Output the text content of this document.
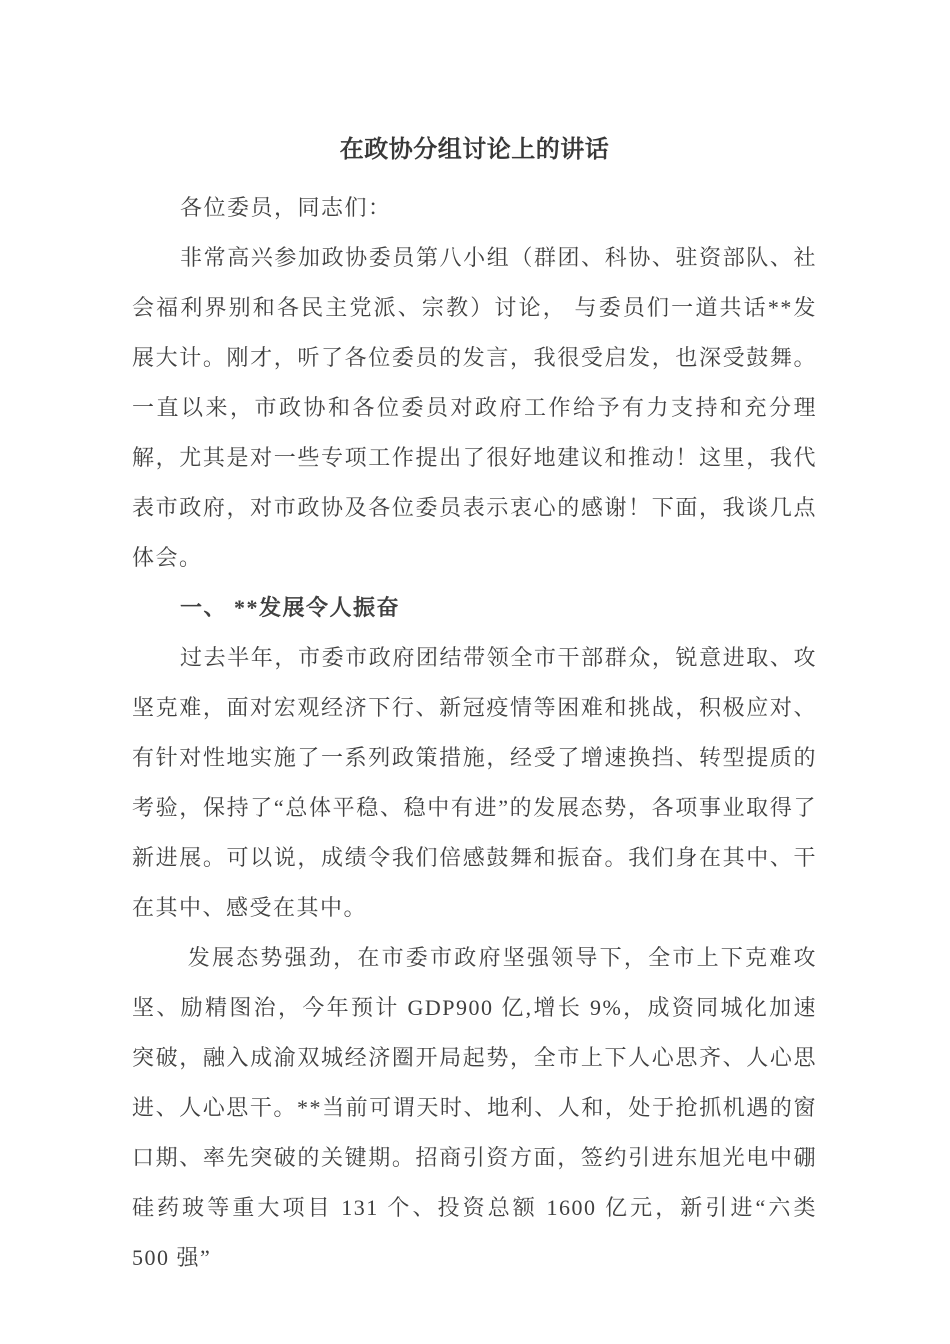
在政协分组讨论上的讲话

各位委员，同志们：

非常高兴参加政协委员第八小组（群团、科协、驻资部队、社会福利界别和各民主党派、宗教）讨论， 与委员们一道共话**发展大计。刚才，听了各位委员的发言，我很受启发，也深受鼓舞。一直以来，市政协和各位委员对政府工作给予有力支持和充分理解，尤其是对一些专项工作提出了很好地建议和推动！这里，我代表市政府，对市政协及各位委员表示衷心的感谢！下面，我谈几点体会。

一、 **发展令人振奋

过去半年，市委市政府团结带领全市干部群众，锐意进取、攻坚克难，面对宏观经济下行、新冠疫情等困难和挑战，积极应对、有针对性地实施了一系列政策措施，经受了增速换挡、转型提质的考验，保持了“总体平稳、稳中有进”的发展态势，各项事业取得了新进展。可以说，成绩令我们倍感鼓舞和振奋。我们身在其中、干在其中、感受在其中。

发展态势强劲，在市委市政府坚强领导下，全市上下克难攻坚、励精图治，今年预计 GDP900 亿,增长 9%，成资同城化加速突破，融入成渝双城经济圈开局起势，全市上下人心思齐、人心思进、人心思干。**当前可谓天时、地利、人和，处于抢抓机遇的窗口期、率先突破的关键期。招商引资方面，签约引进东旭光电中硼硅药玻等重大项目 131 个、投资总额 1600 亿元，新引进“六类 500 强”
